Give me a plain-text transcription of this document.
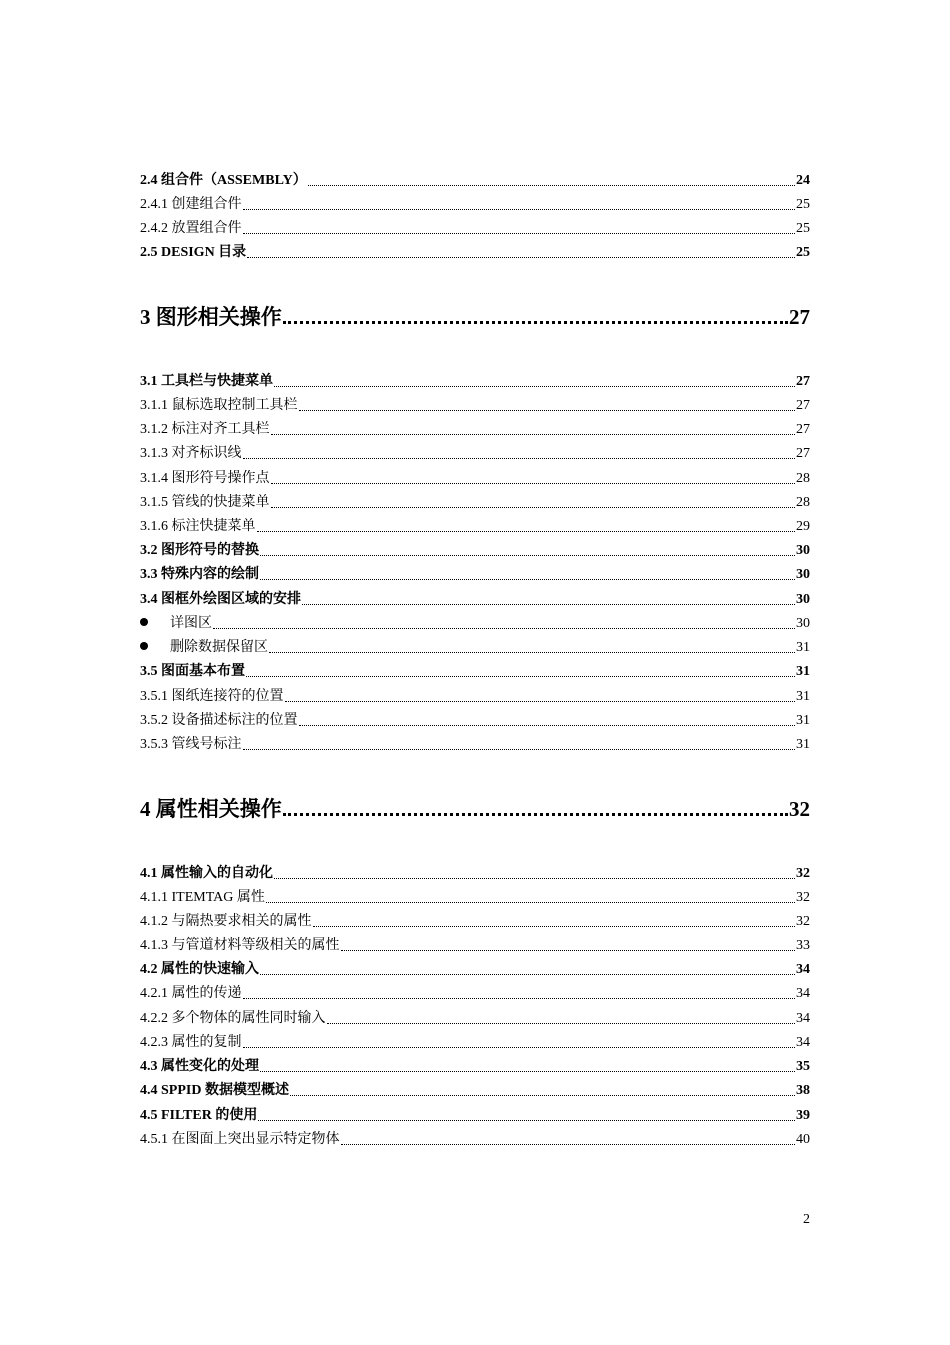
2.4 组合件（ASSEMBLY）	24
2.4.1 创建组合件	25
2.4.2 放置组合件	25
2.5 DESIGN 目录	25
3 图形相关操作	27
3.1 工具栏与快捷菜单	27
3.1.1 鼠标选取控制工具栏	27
3.1.2 标注对齐工具栏	27
3.1.3 对齐标识线	27
3.1.4 图形符号操作点	28
3.1.5 管线的快捷菜单	28
3.1.6 标注快捷菜单	29
3.2 图形符号的替换	30
3.3 特殊内容的绘制	30
3.4 图框外绘图区域的安排	30
详图区	30
删除数据保留区	31
3.5 图面基本布置	31
3.5.1 图纸连接符的位置	31
3.5.2 设备描述标注的位置	31
3.5.3 管线号标注	31
4 属性相关操作	32
4.1 属性输入的自动化	32
4.1.1 ITEMTAG 属性	32
4.1.2 与隔热要求相关的属性	32
4.1.3 与管道材料等级相关的属性	33
4.2 属性的快速输入	34
4.2.1 属性的传递	34
4.2.2 多个物体的属性同时输入	34
4.2.3 属性的复制	34
4.3 属性变化的处理	35
4.4 SPPID 数据模型概述	38
4.5 FILTER 的使用	39
4.5.1 在图面上突出显示特定物体	40
2
